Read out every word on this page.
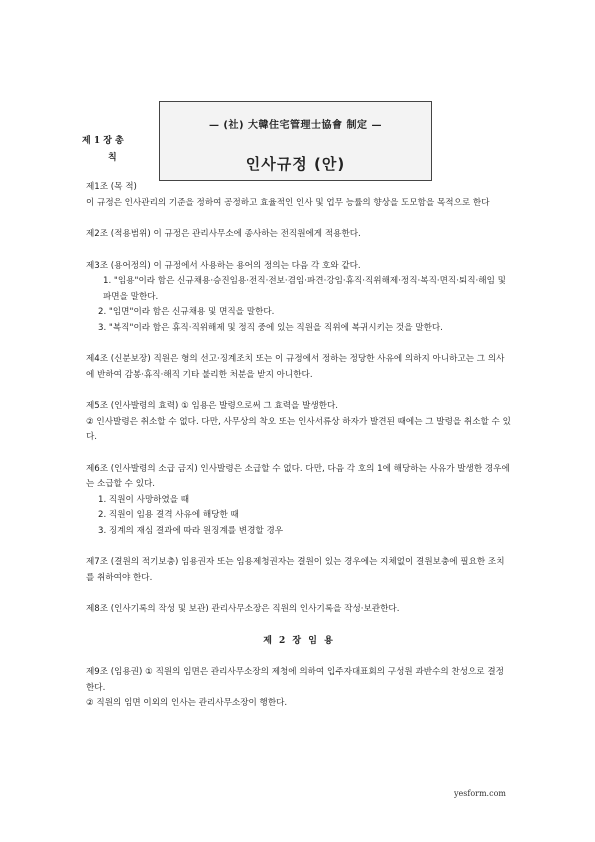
제 1 장 총
칙
— (社) 大韓住宅管理士協會 制定 —
인사규정 (안)

제1조 (목 적)

이 규정은 인사관리의 기준을 정하여 공정하고 효율적인 인사 및 업무 능률의 향상을 도모함을 목적으로 한다

제2조 (적용범위) 이 규정은 관리사무소에 종사하는 전직원에게 적용한다.

제3조 (용어정의) 이 규정에서 사용하는 용어의 정의는 다음 각 호와 같다.

1. "임용"이라 함은 신규채용·승진임용·전직·전보·겸임·파견·강임·휴직·직위해제·정직·복직·면직·퇴직·해임 및 파면을 말한다.

2. "임면"이라 함은 신규채용 및 면직을 말한다.

3. "복직"이라 함은 휴직·직위해제 및 정직 중에 있는 직원을 직위에 복귀시키는 것을 말한다.

제4조 (신분보장) 직원은 형의 선고·징계조치 또는 이 규정에서 정하는 정당한 사유에 의하지 아니하고는 그 의사에 반하여 감봉·휴직·해직 기타 불리한 처분을 받지 아니한다.

제5조 (인사발령의 효력) ① 임용은 발령으로써 그 효력을 발생한다.

② 인사발령은 취소할 수 없다. 다만, 사무상의 착오 또는 인사서류상 하자가 발견된 때에는 그 발령을 취소할 수 있다.

제6조 (인사발령의 소급 금지) 인사발령은 소급할 수 없다. 다만, 다음 각 호의 1에 해당하는 사유가 발생한 경우에는 소급할 수 있다.

1. 직원이 사망하였을 때

2. 직원이 임용 결격 사유에 해당한 때

3. 징계의 재심 결과에 따라 원징계를 변경할 경우

제7조 (결원의 적기보충) 임용권자 또는 임용제청권자는 결원이 있는 경우에는 지체없이 결원보충에 필요한 조치를 취하여야 한다.

제8조 (인사기록의 작성 및 보관) 관리사무소장은 직원의 인사기록을 작성·보관한다.

제 2 장 임 용

제9조 (임용권) ① 직원의 임면은 관리사무소장의 제청에 의하여 입주자대표회의 구성원 과반수의 찬성으로 결정한다.

② 직원의 임면 이외의 인사는 관리사무소장이 행한다.

yesform.com
